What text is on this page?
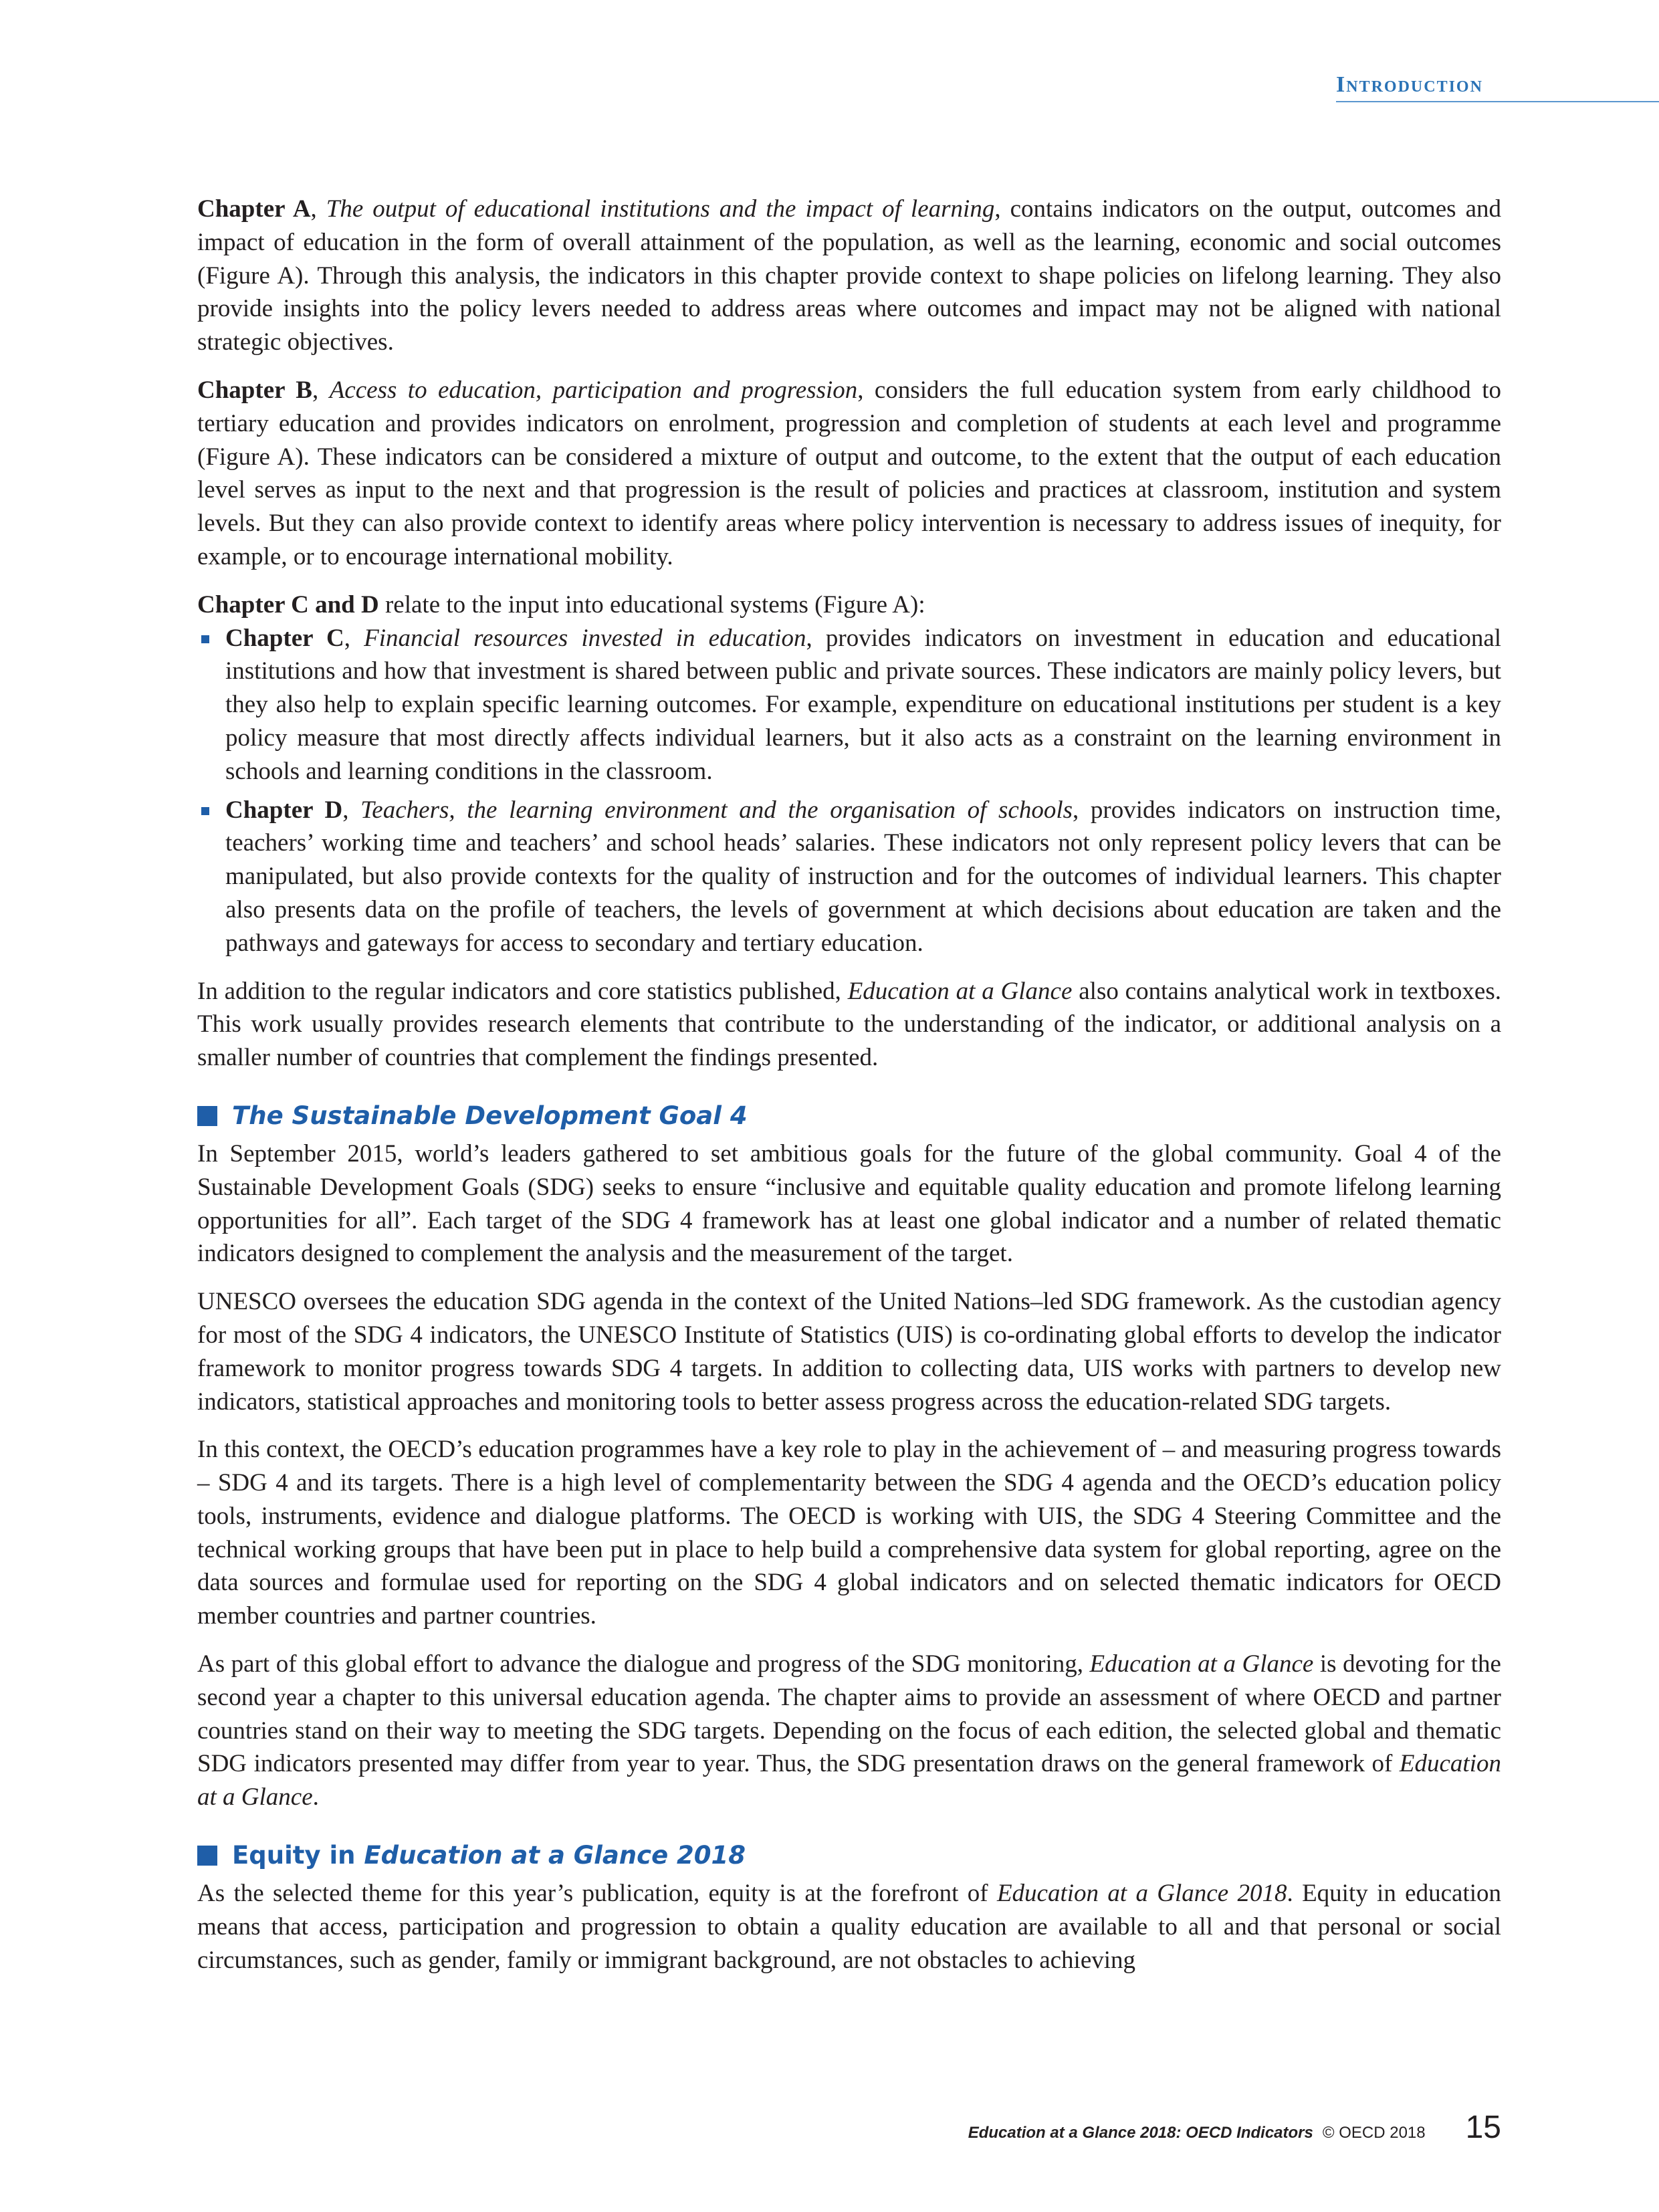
Introduction

Chapter A, The output of educational institutions and the impact of learning, contains indicators on the output, outcomes and impact of education in the form of overall attainment of the population, as well as the learning, economic and social outcomes (Figure A). Through this analysis, the indicators in this chapter provide context to shape policies on lifelong learning. They also provide insights into the policy levers needed to address areas where outcomes and impact may not be aligned with national strategic objectives.

Chapter B, Access to education, participation and progression, considers the full education system from early childhood to tertiary education and provides indicators on enrolment, progression and completion of students at each level and programme (Figure A). These indicators can be considered a mixture of output and outcome, to the extent that the output of each education level serves as input to the next and that progression is the result of policies and practices at classroom, institution and system levels. But they can also provide context to identify areas where policy intervention is necessary to address issues of inequity, for example, or to encourage international mobility.

Chapter C and D relate to the input into educational systems (Figure A):

Chapter C, Financial resources invested in education, provides indicators on investment in education and educational institutions and how that investment is shared between public and private sources. These indicators are mainly policy levers, but they also help to explain specific learning outcomes. For example, expenditure on educational institutions per student is a key policy measure that most directly affects individual learners, but it also acts as a constraint on the learning environment in schools and learning conditions in the classroom.
Chapter D, Teachers, the learning environment and the organisation of schools, provides indicators on instruction time, teachers’ working time and teachers’ and school heads’ salaries. These indicators not only represent policy levers that can be manipulated, but also provide contexts for the quality of instruction and for the outcomes of individual learners. This chapter also presents data on the profile of teachers, the levels of government at which decisions about education are taken and the pathways and gateways for access to secondary and tertiary education.

In addition to the regular indicators and core statistics published, Education at a Glance also contains analytical work in textboxes. This work usually provides research elements that contribute to the understanding of the indicator, or additional analysis on a smaller number of countries that complement the findings presented.

The Sustainable Development Goal 4

In September 2015, world’s leaders gathered to set ambitious goals for the future of the global community. Goal 4 of the Sustainable Development Goals (SDG) seeks to ensure “inclusive and equitable quality education and promote lifelong learning opportunities for all”. Each target of the SDG 4 framework has at least one global indicator and a number of related thematic indicators designed to complement the analysis and the measurement of the target.

UNESCO oversees the education SDG agenda in the context of the United Nations–led SDG framework. As the custodian agency for most of the SDG 4 indicators, the UNESCO Institute of Statistics (UIS) is co-ordinating global efforts to develop the indicator framework to monitor progress towards SDG 4 targets. In addition to collecting data, UIS works with partners to develop new indicators, statistical approaches and monitoring tools to better assess progress across the education-related SDG targets.

In this context, the OECD’s education programmes have a key role to play in the achievement of – and measuring progress towards – SDG 4 and its targets. There is a high level of complementarity between the SDG 4 agenda and the OECD’s education policy tools, instruments, evidence and dialogue platforms. The OECD is working with UIS, the SDG 4 Steering Committee and the technical working groups that have been put in place to help build a comprehensive data system for global reporting, agree on the data sources and formulae used for reporting on the SDG 4 global indicators and on selected thematic indicators for OECD member countries and partner countries.

As part of this global effort to advance the dialogue and progress of the SDG monitoring, Education at a Glance is devoting for the second year a chapter to this universal education agenda. The chapter aims to provide an assessment of where OECD and partner countries stand on their way to meeting the SDG targets. Depending on the focus of each edition, the selected global and thematic SDG indicators presented may differ from year to year. Thus, the SDG presentation draws on the general framework of Education at a Glance.

Equity in
Education at a Glance 2018

As the selected theme for this year’s publication, equity is at the forefront of Education at a Glance 2018. Equity in education means that access, participation and progression to obtain a quality education are available to all and that personal or social circumstances, such as gender, family or immigrant background, are not obstacles to achieving

Education at a Glance 2018: OECD Indicators © OECD 2018 15
